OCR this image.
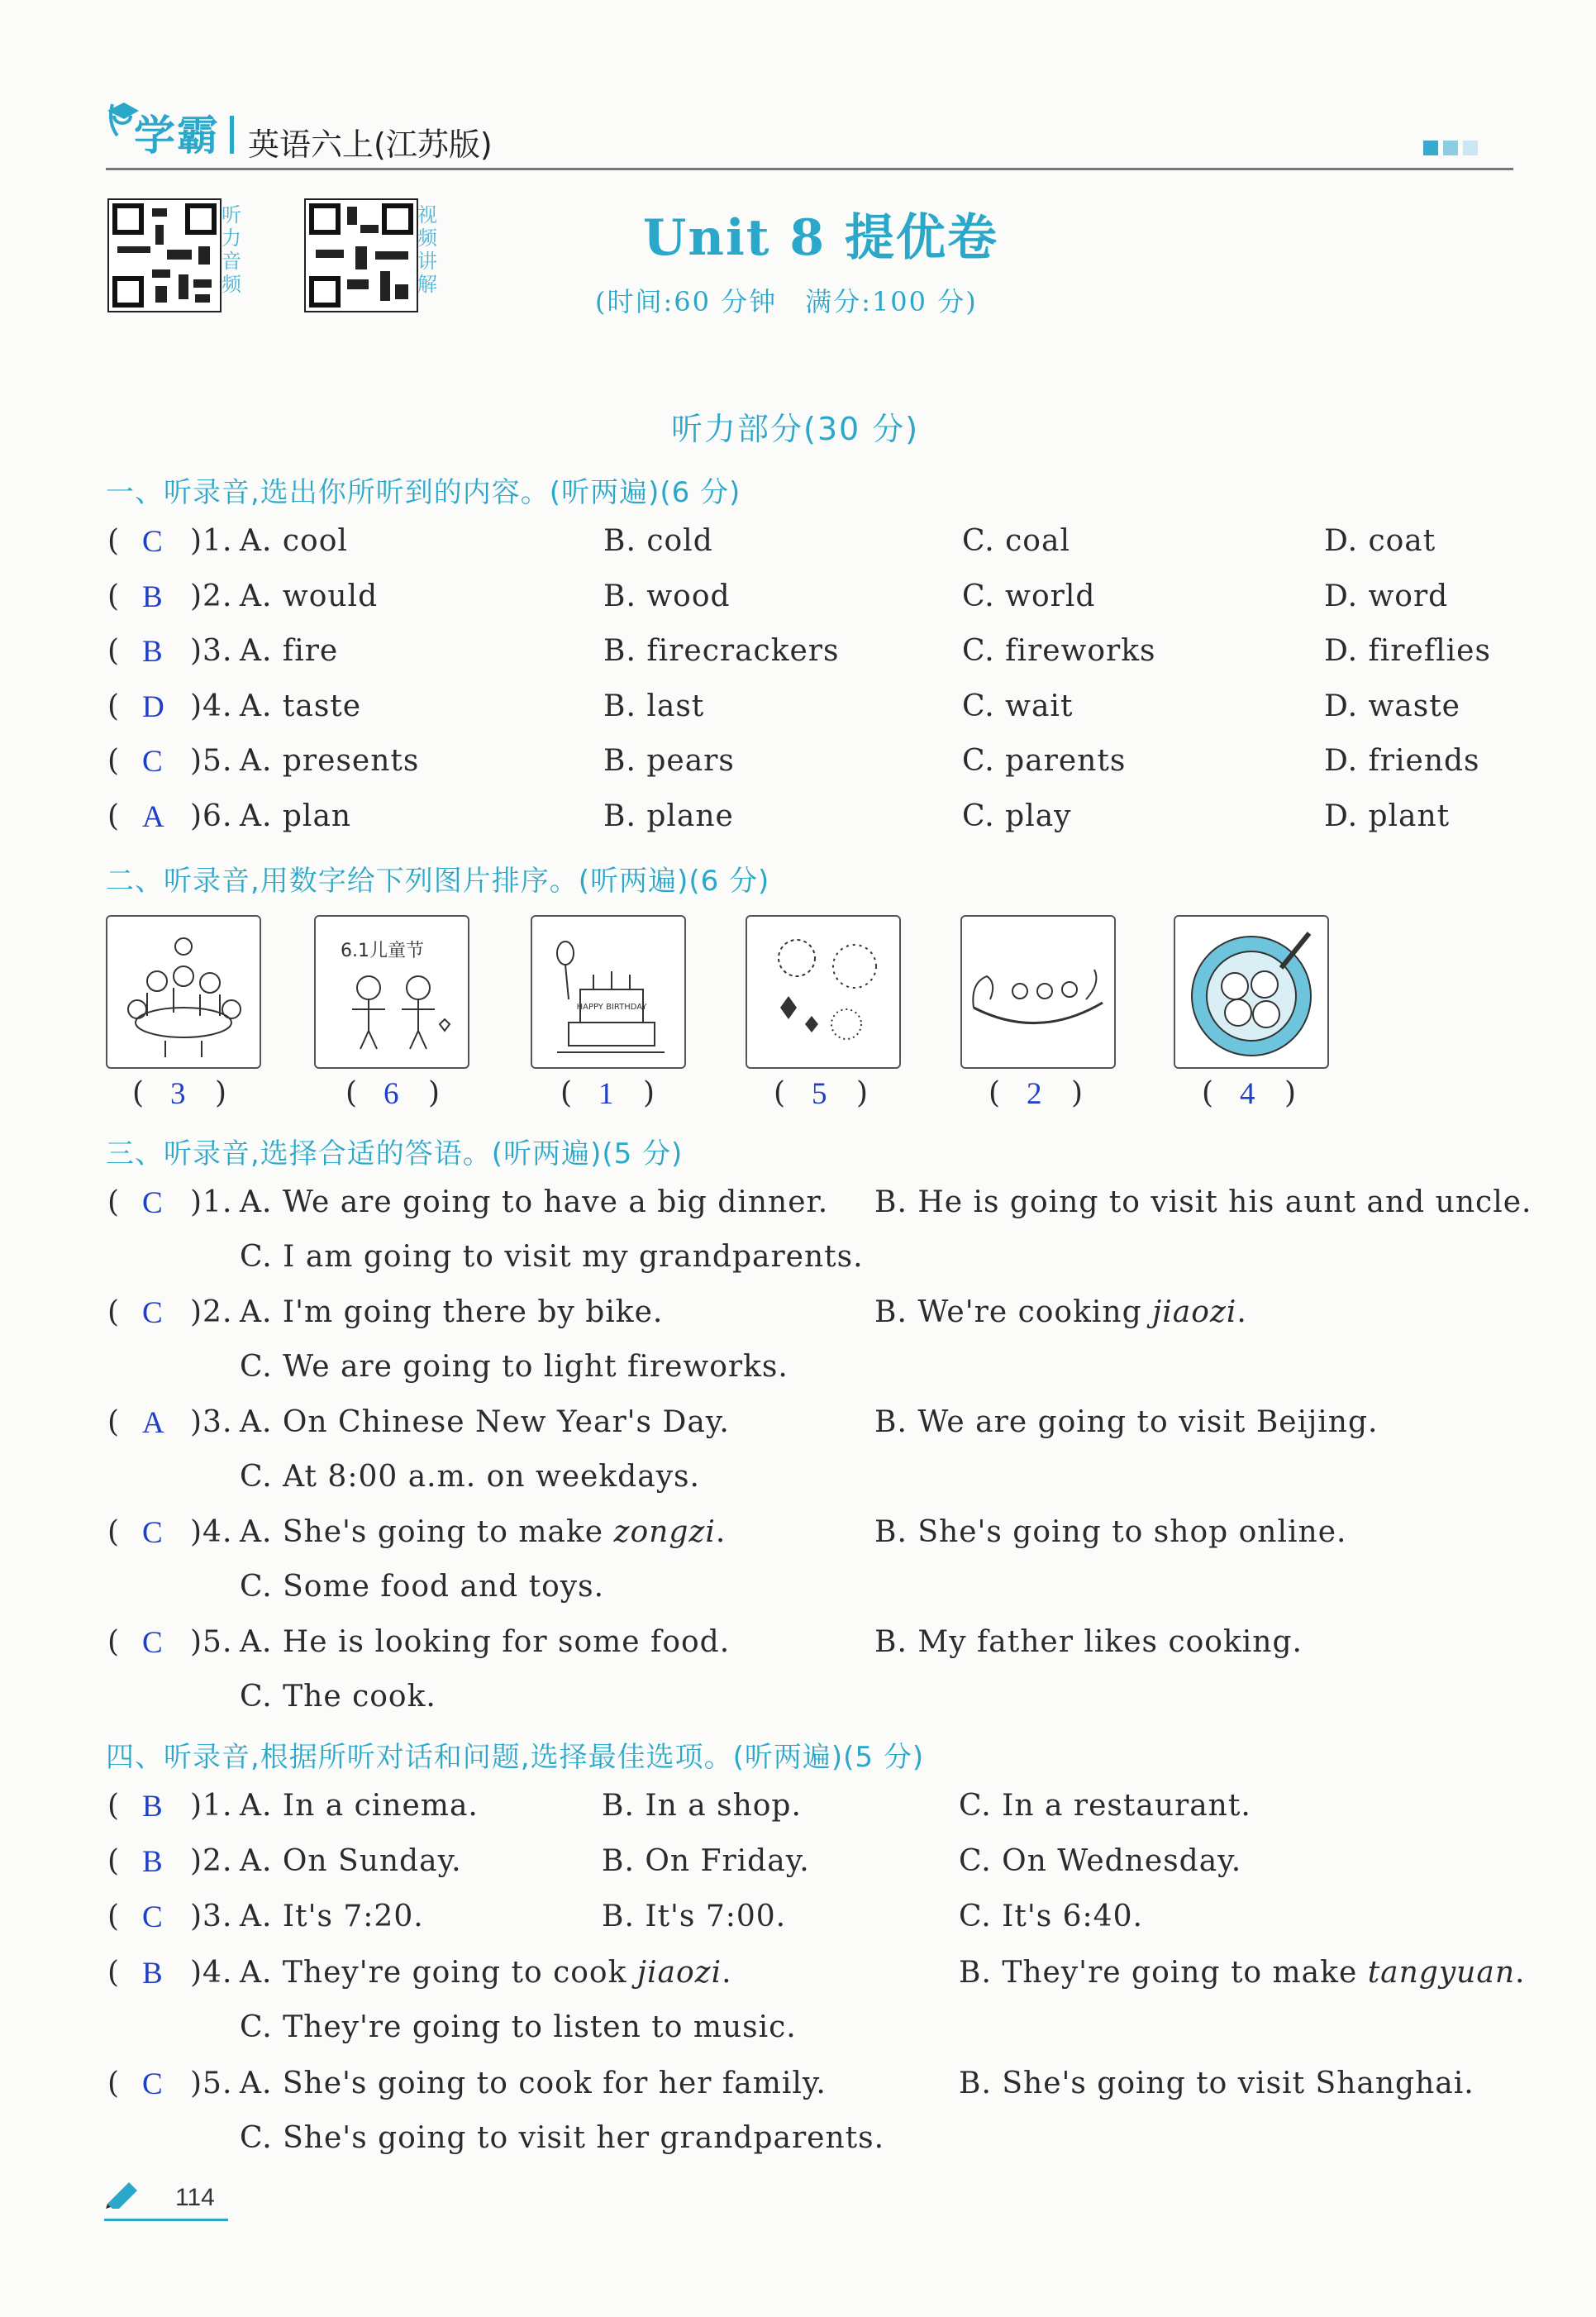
学霸 英语六上(江苏版)
听力音频
视频讲解
Unit 8 提优卷
(时间:60 分钟　满分:100 分)
听力部分(30 分)
一、听录音,选出你所听到的内容。(听两遍)(6 分)
( C )1. A. cool	B. cold	C. coal	D. coat
( B )2. A. would	B. wood	C. world	D. word
( B )3. A. fire	B. firecrackers	C. fireworks	D. fireflies
( D )4. A. taste	B. last	C. wait	D. waste
( C )5. A. presents	B. pears	C. parents	D. friends
( A )6. A. plan	B. plane	C. play	D. plant
二、听录音,用数字给下列图片排序。(听两遍)(6 分)
6.1儿童节
HAPPY BIRTHDAY
( 3 )	( 6 )	( 1 )	( 5 )	( 2 )	( 4 )
三、听录音,选择合适的答语。(听两遍)(5 分)
( C )1. A. We are going to have a big dinner. B. He is going to visit his aunt and uncle.
C. I am going to visit my grandparents.
( C )2. A. I'm going there by bike.	B. We're cooking jiaozi.
C. We are going to light fireworks.
( A )3. A. On Chinese New Year's Day.	B. We are going to visit Beijing.
C. At 8:00 a.m. on weekdays.
( C )4. A. She's going to make zongzi.	B. She's going to shop online.
C. Some food and toys.
( C )5. A. He is looking for some food.	B. My father likes cooking.
C. The cook.
四、听录音,根据所听对话和问题,选择最佳选项。(听两遍)(5 分)
( B )1. A. In a cinema.	B. In a shop.	C. In a restaurant.
( B )2. A. On Sunday.	B. On Friday.	C. On Wednesday.
( C )3. A. It's 7:20.	B. It's 7:00.	C. It's 6:40.
( B )4. A. They're going to cook jiaozi.	B. They're going to make tangyuan.
C. They're going to listen to music.
( C )5. A. She's going to cook for her family.	B. She's going to visit Shanghai.
C. She's going to visit her grandparents.
114
